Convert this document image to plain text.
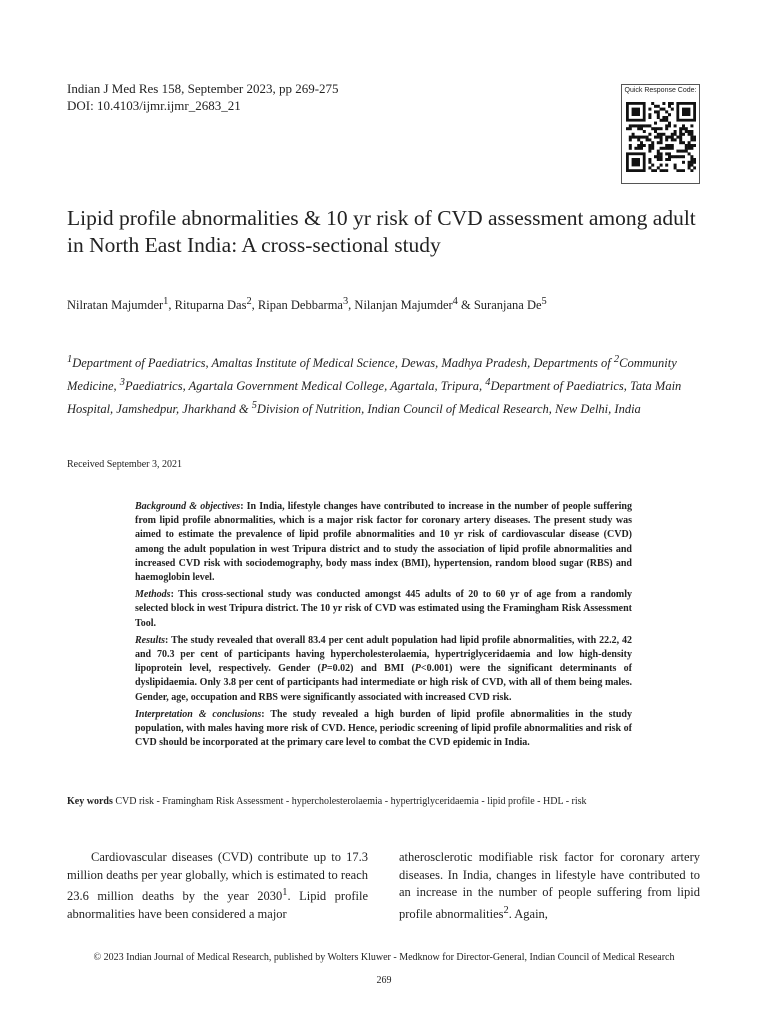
Indian J Med Res 158, September 2023, pp 269-275
DOI: 10.4103/ijmr.ijmr_2683_21
Quick Response Code:
Lipid profile abnormalities & 10 yr risk of CVD assessment among adult in North East India: A cross-sectional study
Nilratan Majumder$^1$, Rituparna Das$^2$, Ripan Debbarma$^3$, Nilanjan Majumder$^4$ & Suranjana De$^5$
$^1$Department of Paediatrics, Amaltas Institute of Medical Science, Dewas, Madhya Pradesh, Departments of $^2$Community Medicine, $^3$Paediatrics, Agartala Government Medical College, Agartala, Tripura, $^4$Department of Paediatrics, Tata Main Hospital, Jamshedpur, Jharkhand & $^5$Division of Nutrition, Indian Council of Medical Research, New Delhi, India
Received September 3, 2021

Background & objectives: In India, lifestyle changes have contributed to increase in the number of people suffering from lipid profile abnormalities, which is a major risk factor for coronary artery diseases. The present study was aimed to estimate the prevalence of lipid profile abnormalities and 10 yr risk of cardiovascular disease (CVD) among the adult population in west Tripura district and to study the association of lipid profile abnormalities and increased CVD risk with sociodemography, body mass index (BMI), hypertension, random blood sugar (RBS) and haemoglobin level.

Methods: This cross-sectional study was conducted amongst 445 adults of 20 to 60 yr of age from a randomly selected block in west Tripura district. The 10 yr risk of CVD was estimated using the Framingham Risk Assessment Tool.

Results: The study revealed that overall 83.4 per cent adult population had lipid profile abnormalities, with 22.2, 42 and 70.3 per cent of participants having hypercholesterolaemia, hypertriglyceridaemia and low high-density lipoprotein level, respectively. Gender (P=0.02) and BMI (P<0.001) were the significant determinants of dyslipidaemia. Only 3.8 per cent of participants had intermediate or high risk of CVD, with all of them being males. Gender, age, occupation and RBS were significantly associated with increased CVD risk.

Interpretation & conclusions: The study revealed a high burden of lipid profile abnormalities in the study population, with males having more risk of CVD. Hence, periodic screening of lipid profile abnormalities and risk of CVD should be incorporated at the primary care level to combat the CVD epidemic in India.

Key words CVD risk - Framingham Risk Assessment - hypercholesterolaemia - hypertriglyceridaemia - lipid profile - HDL - risk
Cardiovascular diseases (CVD) contribute up to 17.3 million deaths per year globally, which is estimated to reach 23.6 million deaths by the year 2030$^1$. Lipid profile abnormalities have been considered a major
atherosclerotic modifiable risk factor for coronary artery diseases. In India, changes in lifestyle have contributed to an increase in the number of people suffering from lipid profile abnormalities$^2$. Again,
© 2023 Indian Journal of Medical Research, published by Wolters Kluwer - Medknow for Director-General, Indian Council of Medical Research
269
